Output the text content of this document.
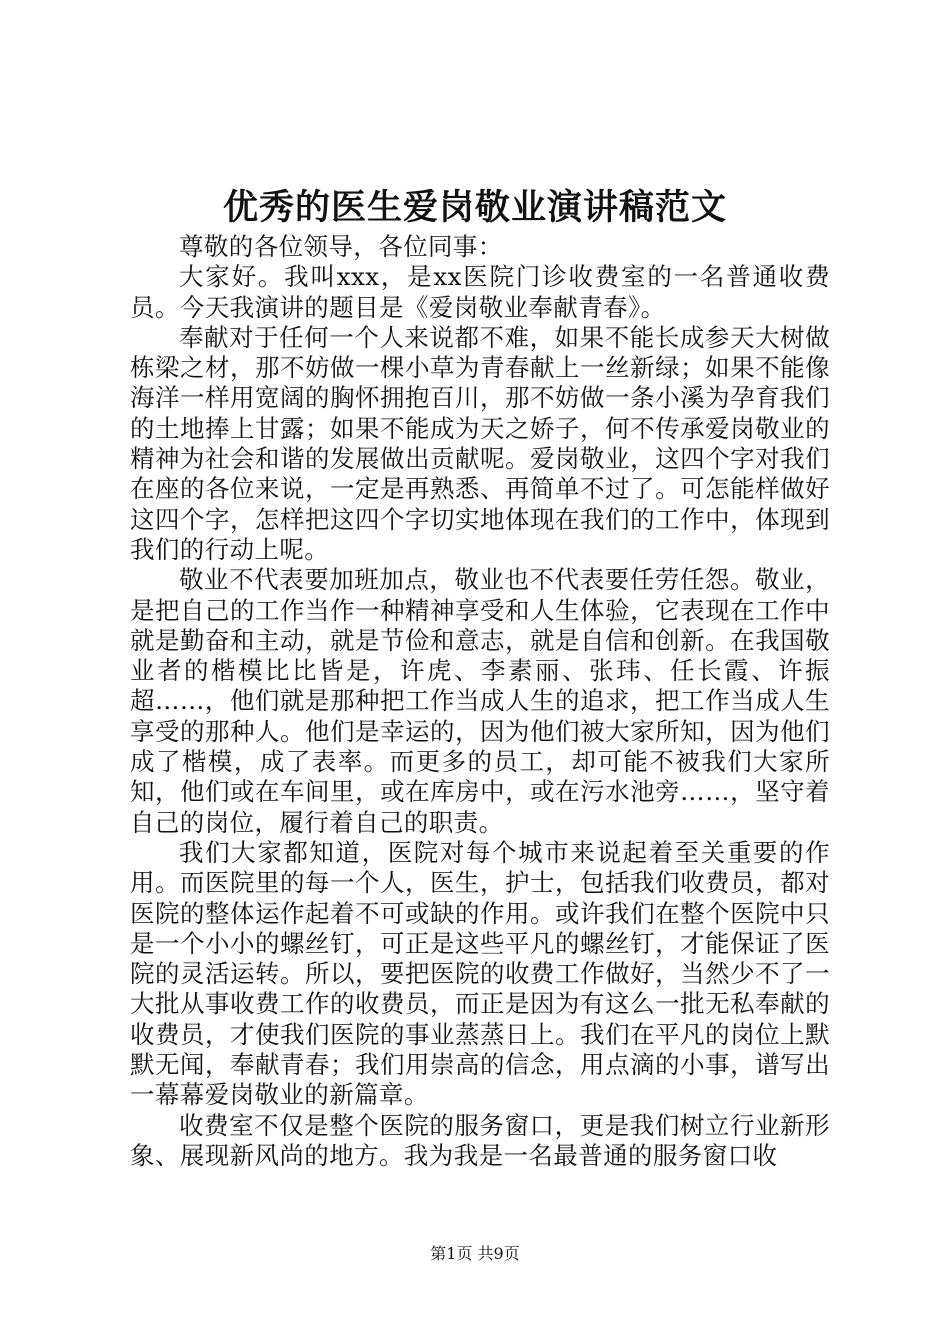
优秀的医生爱岗敬业演讲稿范文

尊敬的各位领导，各位同事：

大家好。我叫xxx，是xx医院门诊收费室的一名普通收费员。今天我演讲的题目是《爱岗敬业奉献青春》。

奉献对于任何一个人来说都不难，如果不能长成参天大树做栋梁之材，那不妨做一棵小草为青春献上一丝新绿；如果不能像海洋一样用宽阔的胸怀拥抱百川，那不妨做一条小溪为孕育我们的土地捧上甘露；如果不能成为天之娇子，何不传承爱岗敬业的精神为社会和谐的发展做出贡献呢。爱岗敬业，这四个字对我们在座的各位来说，一定是再熟悉、再简单不过了。可怎能样做好这四个字，怎样把这四个字切实地体现在我们的工作中，体现到我们的行动上呢。

敬业不代表要加班加点，敬业也不代表要任劳任怨。敬业，是把自己的工作当作一种精神享受和人生体验，它表现在工作中就是勤奋和主动，就是节俭和意志，就是自信和创新。在我国敬业者的楷模比比皆是，许虎、李素丽、张玮、任长霞、许振超……，他们就是那种把工作当成人生的追求，把工作当成人生享受的那种人。他们是幸运的，因为他们被大家所知，因为他们成了楷模，成了表率。而更多的员工，却可能不被我们大家所知，他们或在车间里，或在库房中，或在污水池旁……，坚守着自己的岗位，履行着自己的职责。

我们大家都知道，医院对每个城市来说起着至关重要的作用。而医院里的每一个人，医生，护士，包括我们收费员，都对医院的整体运作起着不可或缺的作用。或许我们在整个医院中只是一个小小的螺丝钉，可正是这些平凡的螺丝钉，才能保证了医院的灵活运转。所以，要把医院的收费工作做好，当然少不了一大批从事收费工作的收费员，而正是因为有这么一批无私奉献的收费员，才使我们医院的事业蒸蒸日上。我们在平凡的岗位上默默无闻，奉献青春；我们用崇高的信念，用点滴的小事，谱写出一幕幕爱岗敬业的新篇章。

收费室不仅是整个医院的服务窗口，更是我们树立行业新形象、展现新风尚的地方。我为我是一名最普通的服务窗口收

第1页 共9页
